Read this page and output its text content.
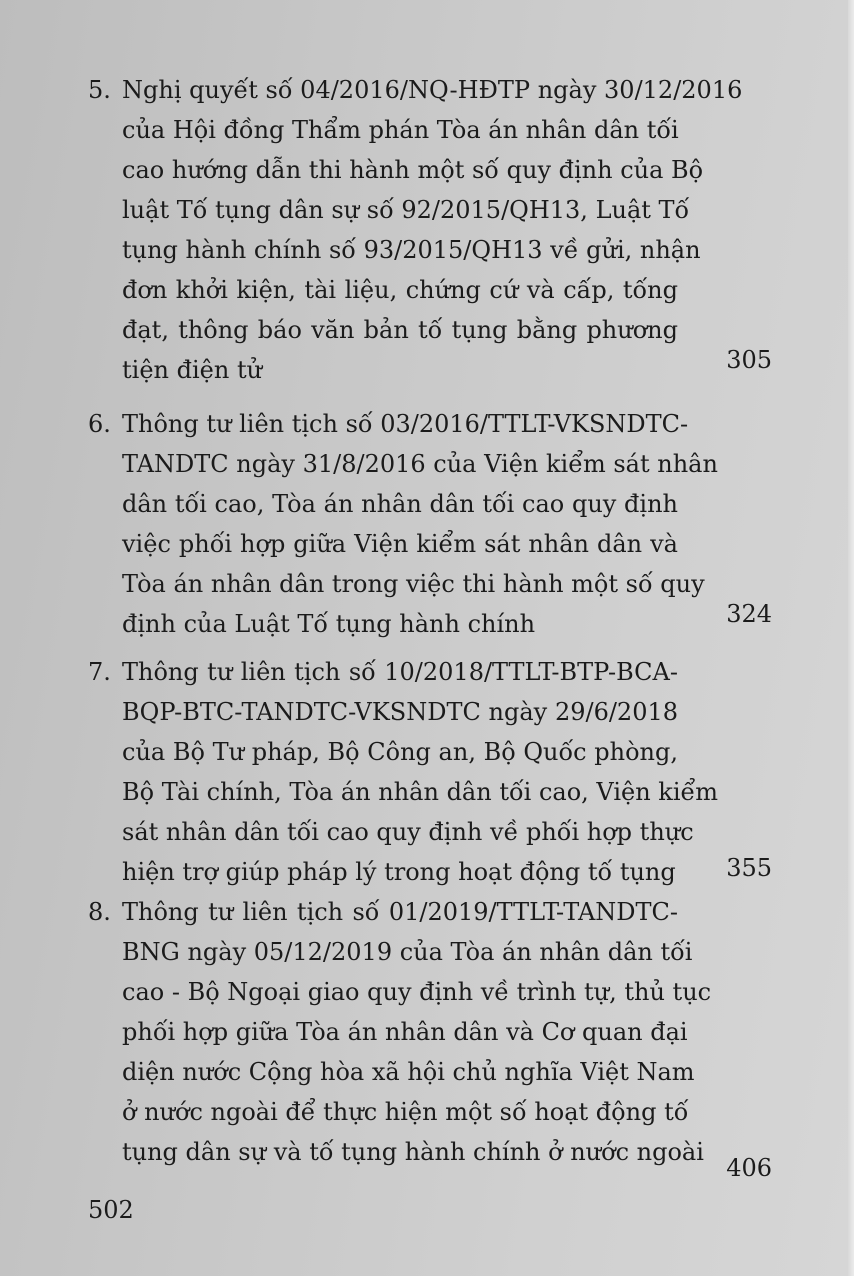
5. Nghị quyết số 04/2016/NQ-HĐTP ngày 30/12/2016
của Hội đồng Thẩm phán Tòa án nhân dân tối
cao hướng dẫn thi hành một số quy định của Bộ
luật Tố tụng dân sự số 92/2015/QH13, Luật Tố
tụng hành chính số 93/2015/QH13 về gửi, nhận
đơn khởi kiện, tài liệu, chứng cứ và cấp, tống
đạt, thông báo văn bản tố tụng bằng phương
tiện điện tử	305
6. Thông tư liên tịch số 03/2016/TTLT-VKSNDTC-
TANDTC ngày 31/8/2016 của Viện kiểm sát nhân
dân tối cao, Tòa án nhân dân tối cao quy định
việc phối hợp giữa Viện kiểm sát nhân dân và
Tòa án nhân dân trong việc thi hành một số quy
định của Luật Tố tụng hành chính	324
7. Thông tư liên tịch số 10/2018/TTLT-BTP-BCA-
BQP-BTC-TANDTC-VKSNDTC ngày 29/6/2018
của Bộ Tư pháp, Bộ Công an, Bộ Quốc phòng,
Bộ Tài chính, Tòa án nhân dân tối cao, Viện kiểm
sát nhân dân tối cao quy định về phối hợp thực
hiện trợ giúp pháp lý trong hoạt động tố tụng 355
8. Thông tư liên tịch số 01/2019/TTLT-TANDTC-
BNG ngày 05/12/2019 của Tòa án nhân dân tối
cao - Bộ Ngoại giao quy định về trình tự, thủ tục
phối hợp giữa Tòa án nhân dân và Cơ quan đại
diện nước Cộng hòa xã hội chủ nghĩa Việt Nam
ở nước ngoài để thực hiện một số hoạt động tố
tụng dân sự và tố tụng hành chính ở nước ngoài
406
502
